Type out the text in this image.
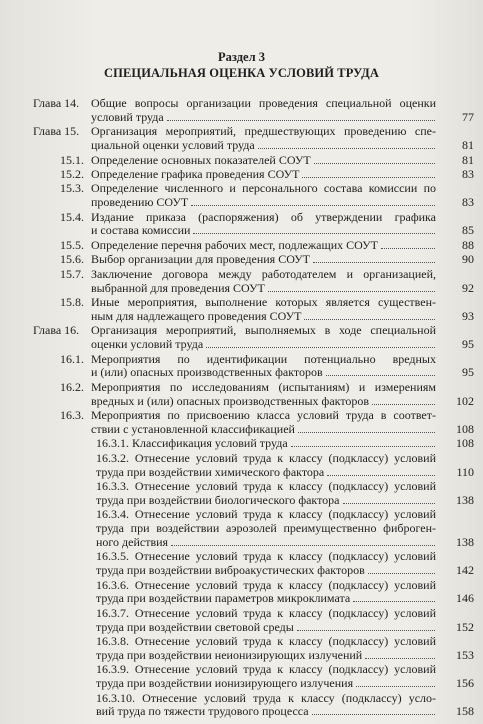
Раздел 3
СПЕЦИАЛЬНАЯ ОЦЕНКА УСЛОВИЙ ТРУДА
Глава 14. Общие вопросы организации проведения специальной оценки
условий труда	77
Глава 15. Организация мероприятий, предшествующих проведению спе-
циальной оценки условий труда	81
15.1. Определение основных показателей СОУТ	81
15.2. Определение графика проведения СОУТ	83
15.3. Определение численного и персонального состава комиссии по
проведению СОУТ	83
15.4. Издание приказа (распоряжения) об утверждении графика
и состава комиссии	85
15.5. Определение перечня рабочих мест, подлежащих СОУТ	88
15.6. Выбор организации для проведения СОУТ	90
15.7. Заключение договора между работодателем и организацией,
выбранной для проведения СОУТ	92
15.8. Иные мероприятия, выполнение которых является существен-
ным для надлежащего проведения СОУТ	93
Глава 16. Организация мероприятий, выполняемых в ходе специальной
оценки условий труда	95
16.1. Мероприятия по идентификации потенциально вредных
и (или) опасных производственных факторов	95
16.2. Мероприятия по исследованиям (испытаниям) и измерениям
вредных и (или) опасных производственных факторов	102
16.3. Мероприятия по присвоению класса условий труда в соответ-
ствии с установленной классификацией	108
16.3.1. Классификация условий труда	108
16.3.2. Отнесение условий труда к классу (подклассу) условий
труда при воздействии химического фактора	110
16.3.3. Отнесение условий труда к классу (подклассу) условий
труда при воздействии биологического фактора	138
16.3.4. Отнесение условий труда к классу (подклассу) условий
труда при воздействии аэрозолей преимущественно фиброген-
ного действия	138
16.3.5. Отнесение условий труда к классу (подклассу) условий
труда при воздействии виброакустических факторов	142
16.3.6. Отнесение условий труда к классу (подклассу) условий
труда при воздействии параметров микроклимата	146
16.3.7. Отнесение условий труда к классу (подклассу) условий
труда при воздействии световой среды	152
16.3.8. Отнесение условий труда к классу (подклассу) условий
труда при воздействии неионизирующих излучений	153
16.3.9. Отнесение условий труда к классу (подклассу) условий
труда при воздействии ионизирующего излучения	156
16.3.10. Отнесение условий труда к классу (подклассу) усло-
вий труда по тяжести трудового процесса	158
